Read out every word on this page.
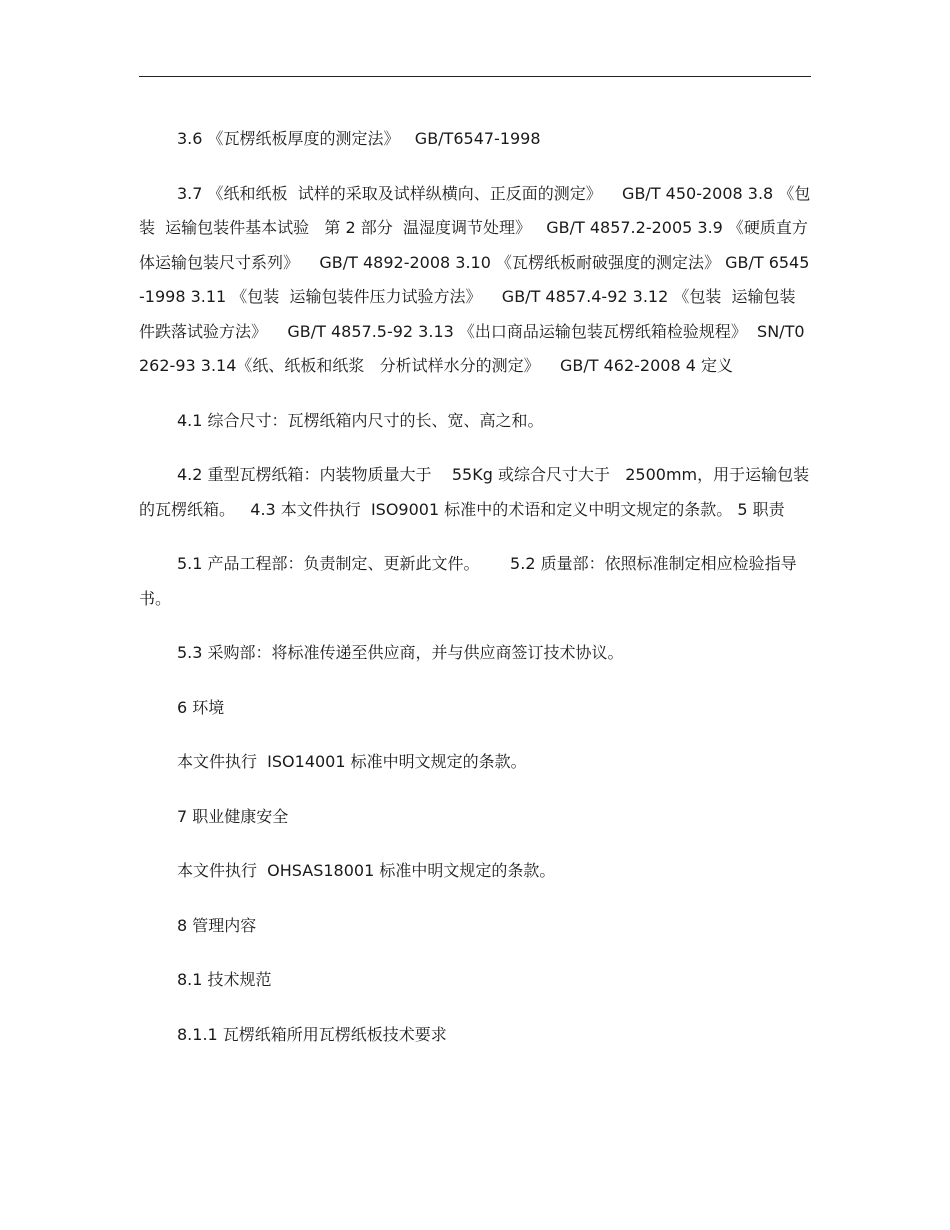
3.6 《瓦楞纸板厚度的测定法》   GB/T6547-1998

3.7 《纸和纸板  试样的采取及试样纵横向、正反面的测定》    GB/T 450-2008 3.8 《包装  运输包装件基本试验   第 2 部分  温湿度调节处理》   GB/T 4857.2-2005 3.9 《硬质直方体运输包装尺寸系列》    GB/T 4892-2008 3.10 《瓦楞纸板耐破强度的测定法》 GB/T 6545-1998 3.11 《包装  运输包装件压力试验方法》    GB/T 4857.4-92 3.12 《包装  运输包装件跌落试验方法》    GB/T 4857.5-92 3.13 《出口商品运输包装瓦楞纸箱检验规程》  SN/T0262-93 3.14《纸、纸板和纸浆   分析试样水分的测定》    GB/T 462-2008 4 定义

4.1 综合尺寸：瓦楞纸箱内尺寸的长、宽、高之和。

4.2 重型瓦楞纸箱：内装物质量大于    55Kg 或综合尺寸大于   2500mm，用于运输包装的瓦楞纸箱。   4.3 本文件执行  ISO9001 标准中的术语和定义中明文规定的条款。 5 职责

5.1 产品工程部：负责制定、更新此文件。      5.2 质量部：依照标准制定相应检验指导书。

5.3 采购部：将标准传递至供应商，并与供应商签订技术协议。

6 环境

本文件执行  ISO14001 标准中明文规定的条款。

7 职业健康安全

本文件执行  OHSAS18001 标准中明文规定的条款。

8 管理内容

8.1 技术规范

8.1.1 瓦楞纸箱所用瓦楞纸板技术要求
